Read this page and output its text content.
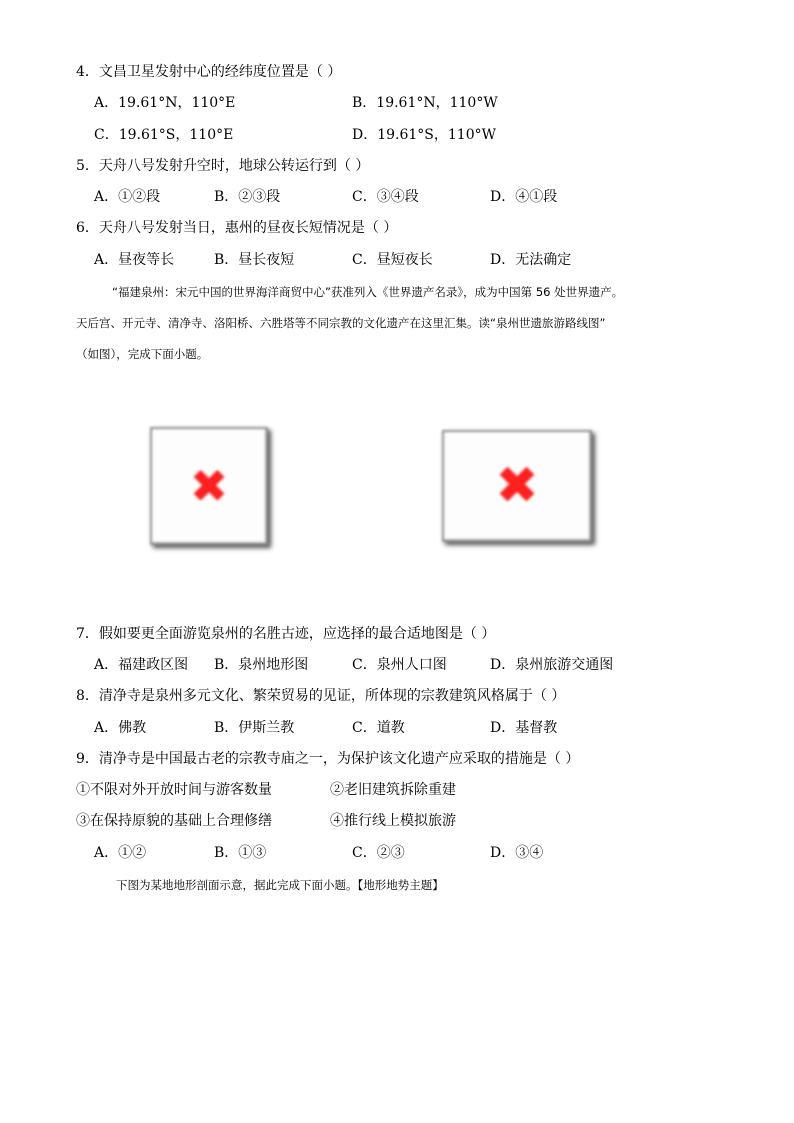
4．文昌卫星发射中心的经纬度位置是（ ）
A．19.61°N，110°E	B．19.61°N，110°W
C．19.61°S，110°E	D．19.61°S，110°W
5．天舟八号发射升空时，地球公转运行到（ ）
A．①②段	B．②③段	C．③④段	D．④①段
6．天舟八号发射当日，惠州的昼夜长短情况是（ ）
A．昼夜等长	B．昼长夜短	C．昼短夜长	D．无法确定
“福建泉州：宋元中国的世界海洋商贸中心”获准列入《世界遗产名录》，成为中国第 56 处世界遗产。
天后宫、开元寺、清净寺、洛阳桥、六胜塔等不同宗教的文化遗产在这里汇集。读“泉州世遗旅游路线图”
（如图），完成下面小题。
✖	✖
7．假如要更全面游览泉州的名胜古迹，应选择的最合适地图是（ ）
A．福建政区图 B．泉州地形图	C．泉州人口图	D．泉州旅游交通图
8．清净寺是泉州多元文化、繁荣贸易的见证，所体现的宗教建筑风格属于（ ）
A．佛教	B．伊斯兰教	C．道教	D．基督教
9．清净寺是中国最古老的宗教寺庙之一，为保护该文化遗产应采取的措施是（ ）
①不限对外开放时间与游客数量	②老旧建筑拆除重建
③在保持原貌的基础上合理修缮	④推行线上模拟旅游
A．①②	B．①③	C．②③	D．③④
下图为某地地形剖面示意，据此完成下面小题。【地形地势主题】
